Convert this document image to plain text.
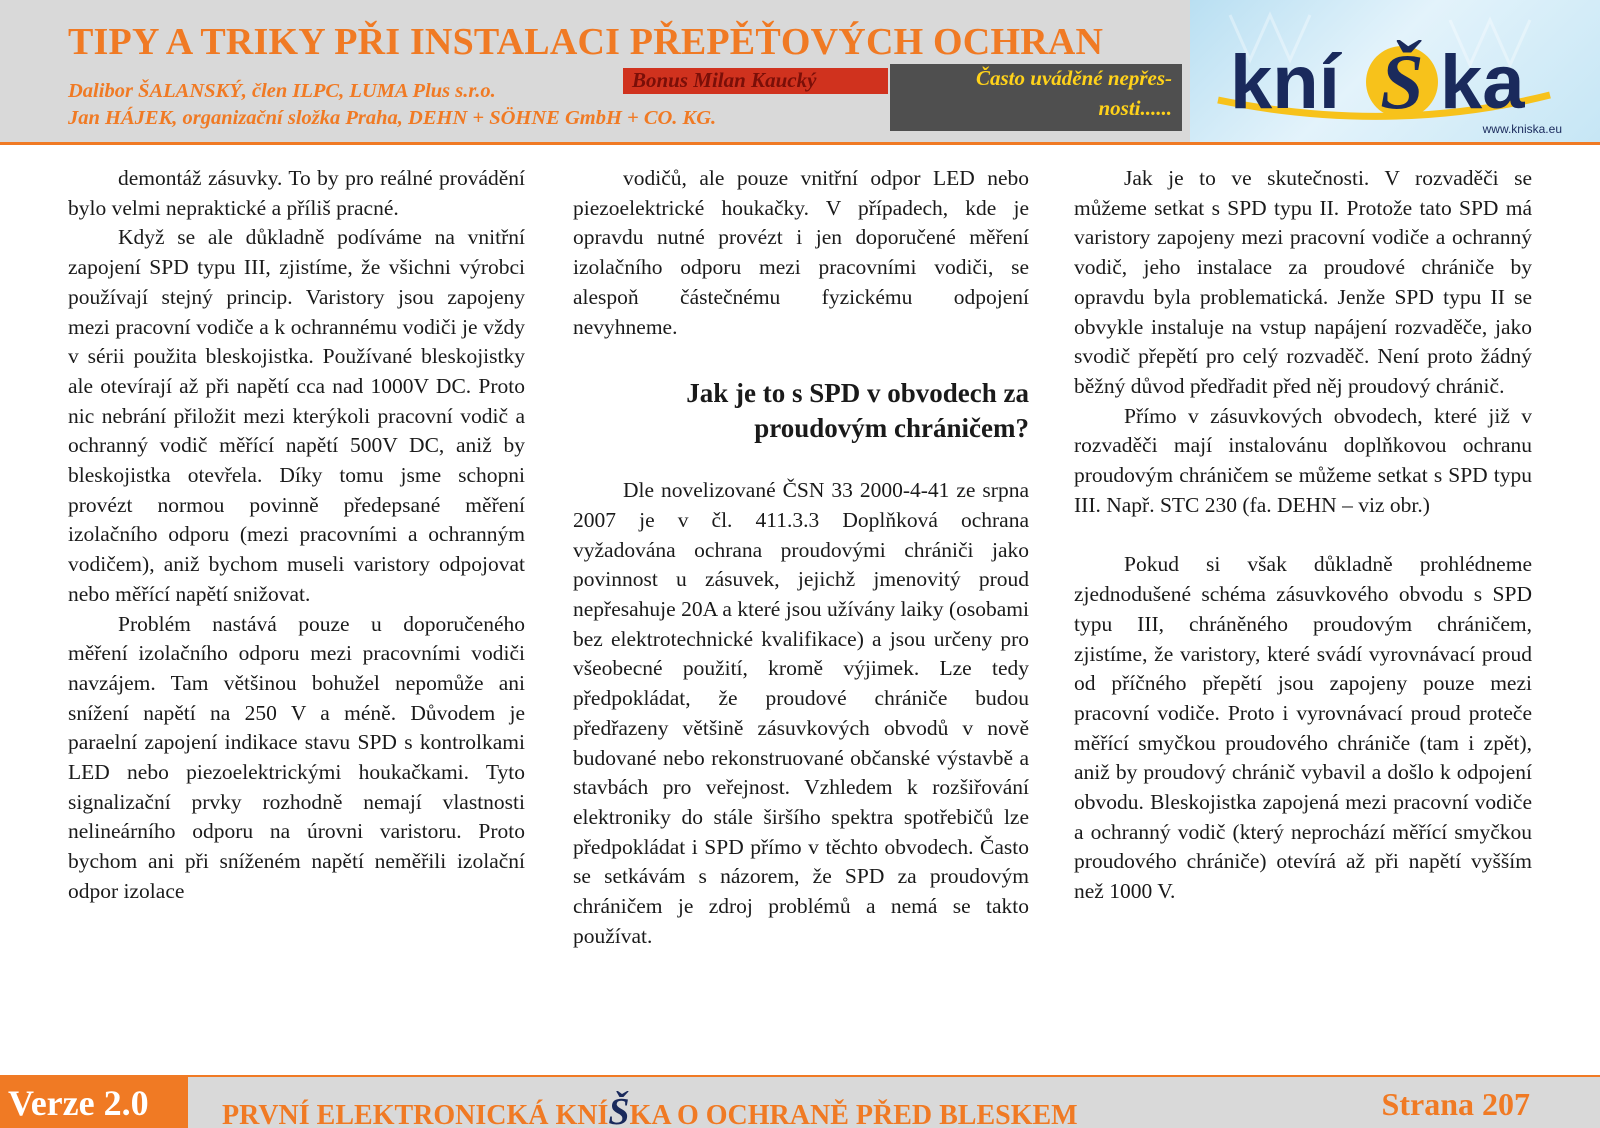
TIPY A TRIKY PŘI INSTALACI PŘEPĚŤOVÝCH OCHRAN
Dalibor ŠALANSKÝ, člen ILPC, LUMA Plus s.r.o.
Jan HÁJEK, organizační složka Praha, DEHN + SÖHNE GmbH + CO. KG.
Bonus Milan Kaucký	Často uváděné nepřes-
nosti...... kní Š ka
www.kniska.eu

demontáž zásuvky. To by pro reálné provádění bylo velmi nepraktické a příliš pracné.

Když se ale důkladně podíváme na vnitřní zapojení SPD typu III, zjistíme, že všichni výrobci používají stejný princip. Varistory jsou zapojeny mezi pracovní vodiče a k ochrannému vodiči je vždy v sérii použita bleskojistka. Používané bleskojistky ale otevírají až při napětí cca nad 1000V DC. Proto nic nebrání přiložit mezi kterýkoli pracovní vodič a ochranný vodič měřící napětí 500V DC, aniž by bleskojistka otevřela. Díky tomu jsme schopni provézt normou povinně předepsané měření izolačního odporu (mezi pracovními a ochranným vodičem), aniž bychom museli varistory odpojovat nebo měřící napětí snižovat.

Problém nastává pouze u doporučeného měření izolačního odporu mezi pracovními vodiči navzájem. Tam většinou bohužel nepomůže ani snížení napětí na 250 V a méně. Důvodem je paraelní zapojení indikace stavu SPD s kontrolkami LED nebo piezoelektrickými houkačkami. Tyto signalizační prvky rozhodně nemají vlastnosti nelineárního odporu na úrovni varistoru. Proto bychom ani při sníženém napětí neměřili izolační odpor izolace

vodičů, ale pouze vnitřní odpor LED nebo piezoelektrické houkačky. V případech, kde je opravdu nutné provézt i jen doporučené měření izolačního odporu mezi pracovními vodiči, se alespoň částečnému fyzickému odpojení nevyhneme.

Jak je to s SPD v obvodech za proudovým chráničem?

Dle novelizované ČSN 33 2000-4-41 ze srpna 2007 je v čl. 411.3.3 Doplňková ochrana vyžadována ochrana proudovými chrániči jako povinnost u zásuvek, jejichž jmenovitý proud nepřesahuje 20A a které jsou užívány laiky (osobami bez elektrotechnické kvalifikace) a jsou určeny pro všeobecné použití, kromě výjimek. Lze tedy předpokládat, že proudové chrániče budou předřazeny většině zásuvkových obvodů v nově budované nebo rekonstruované občanské výstavbě a stavbách pro veřejnost. Vzhledem k rozšiřování elektroniky do stále širšího spektra spotřebičů lze předpokládat i SPD přímo v těchto obvodech. Často se setkávám s názorem, že SPD za proudovým chráničem je zdroj problémů a nemá se takto používat.

Jak je to ve skutečnosti. V rozvaděči se můžeme setkat s SPD typu II. Protože tato SPD má varistory zapojeny mezi pracovní vodiče a ochranný vodič, jeho instalace za proudové chrániče by opravdu byla problematická. Jenže SPD typu II se obvykle instaluje na vstup napájení rozvaděče, jako svodič přepětí pro celý rozvaděč. Není proto žádný běžný důvod předřadit před něj proudový chránič.

Přímo v zásuvkových obvodech, které již v rozvaděči mají instalovánu doplňkovou ochranu proudovým chráničem se můžeme setkat s SPD typu III. Např. STC 230 (fa. DEHN – viz obr.)

Pokud si však důkladně prohlédneme zjednodušené schéma zásuvkového obvodu s SPD typu III, chráněného proudovým chráničem, zjistíme, že varistory, které svádí vyrovnávací proud od příčného přepětí jsou zapojeny pouze mezi pracovní vodiče. Proto i vyrovnávací proud proteče měřící smyčkou proudového chrániče (tam i zpět), aniž by proudový chránič vybavil a došlo k odpojení obvodu. Bleskojistka zapojená mezi pracovní vodiče a ochranný vodič (který neprochází měřící smyčkou proudového chrániče) otevírá až při napětí vyšším než 1000 V.

Verze 2.0	PRVNÍ ELEKTRONICKÁ KNÍŠKA O OCHRANĚ PŘED BLESKEM	Strana 207
